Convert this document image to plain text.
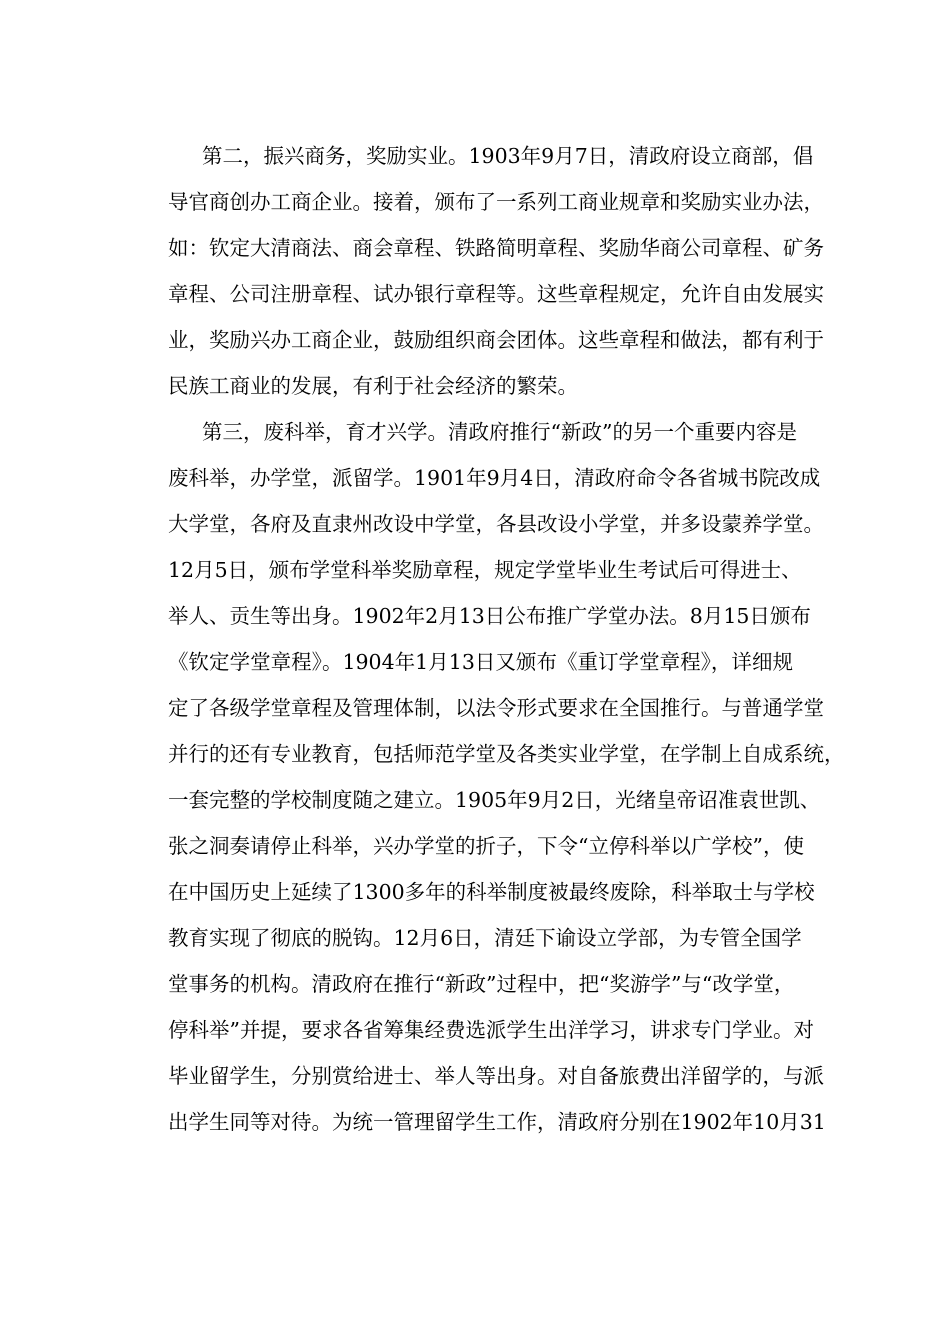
第二，振兴商务，奖励实业。1903年9月7日，清政府设立商部，倡
导官商创办工商企业。接着，颁布了一系列工商业规章和奖励实业办法，
如：钦定大清商法、商会章程、铁路简明章程、奖励华商公司章程、矿务
章程、公司注册章程、试办银行章程等。这些章程规定，允许自由发展实
业，奖励兴办工商企业，鼓励组织商会团体。这些章程和做法，都有利于
民族工商业的发展，有利于社会经济的繁荣。
第三，废科举，育才兴学。清政府推行“新政”的另一个重要内容是
废科举，办学堂，派留学。1901年9月4日，清政府命令各省城书院改成
大学堂，各府及直隶州改设中学堂，各县改设小学堂，并多设蒙养学堂。
12月5日，颁布学堂科举奖励章程，规定学堂毕业生考试后可得进士、
举人、贡生等出身。1902年2月13日公布推广学堂办法。8月15日颁布
《钦定学堂章程》。1904年1月13日又颁布《重订学堂章程》，详细规
定了各级学堂章程及管理体制，以法令形式要求在全国推行。与普通学堂
并行的还有专业教育，包括师范学堂及各类实业学堂，在学制上自成系统，
一套完整的学校制度随之建立。1905年9月2日，光绪皇帝诏准袁世凯、
张之洞奏请停止科举，兴办学堂的折子，下令“立停科举以广学校”，使
在中国历史上延续了1300多年的科举制度被最终废除，科举取士与学校
教育实现了彻底的脱钩。12月6日，清廷下谕设立学部，为专管全国学
堂事务的机构。清政府在推行“新政”过程中，把“奖游学”与“改学堂，
停科举”并提，要求各省筹集经费选派学生出洋学习，讲求专门学业。对
毕业留学生，分别赏给进士、举人等出身。对自备旅费出洋留学的，与派
出学生同等对待。为统一管理留学生工作，清政府分别在1902年10月31
